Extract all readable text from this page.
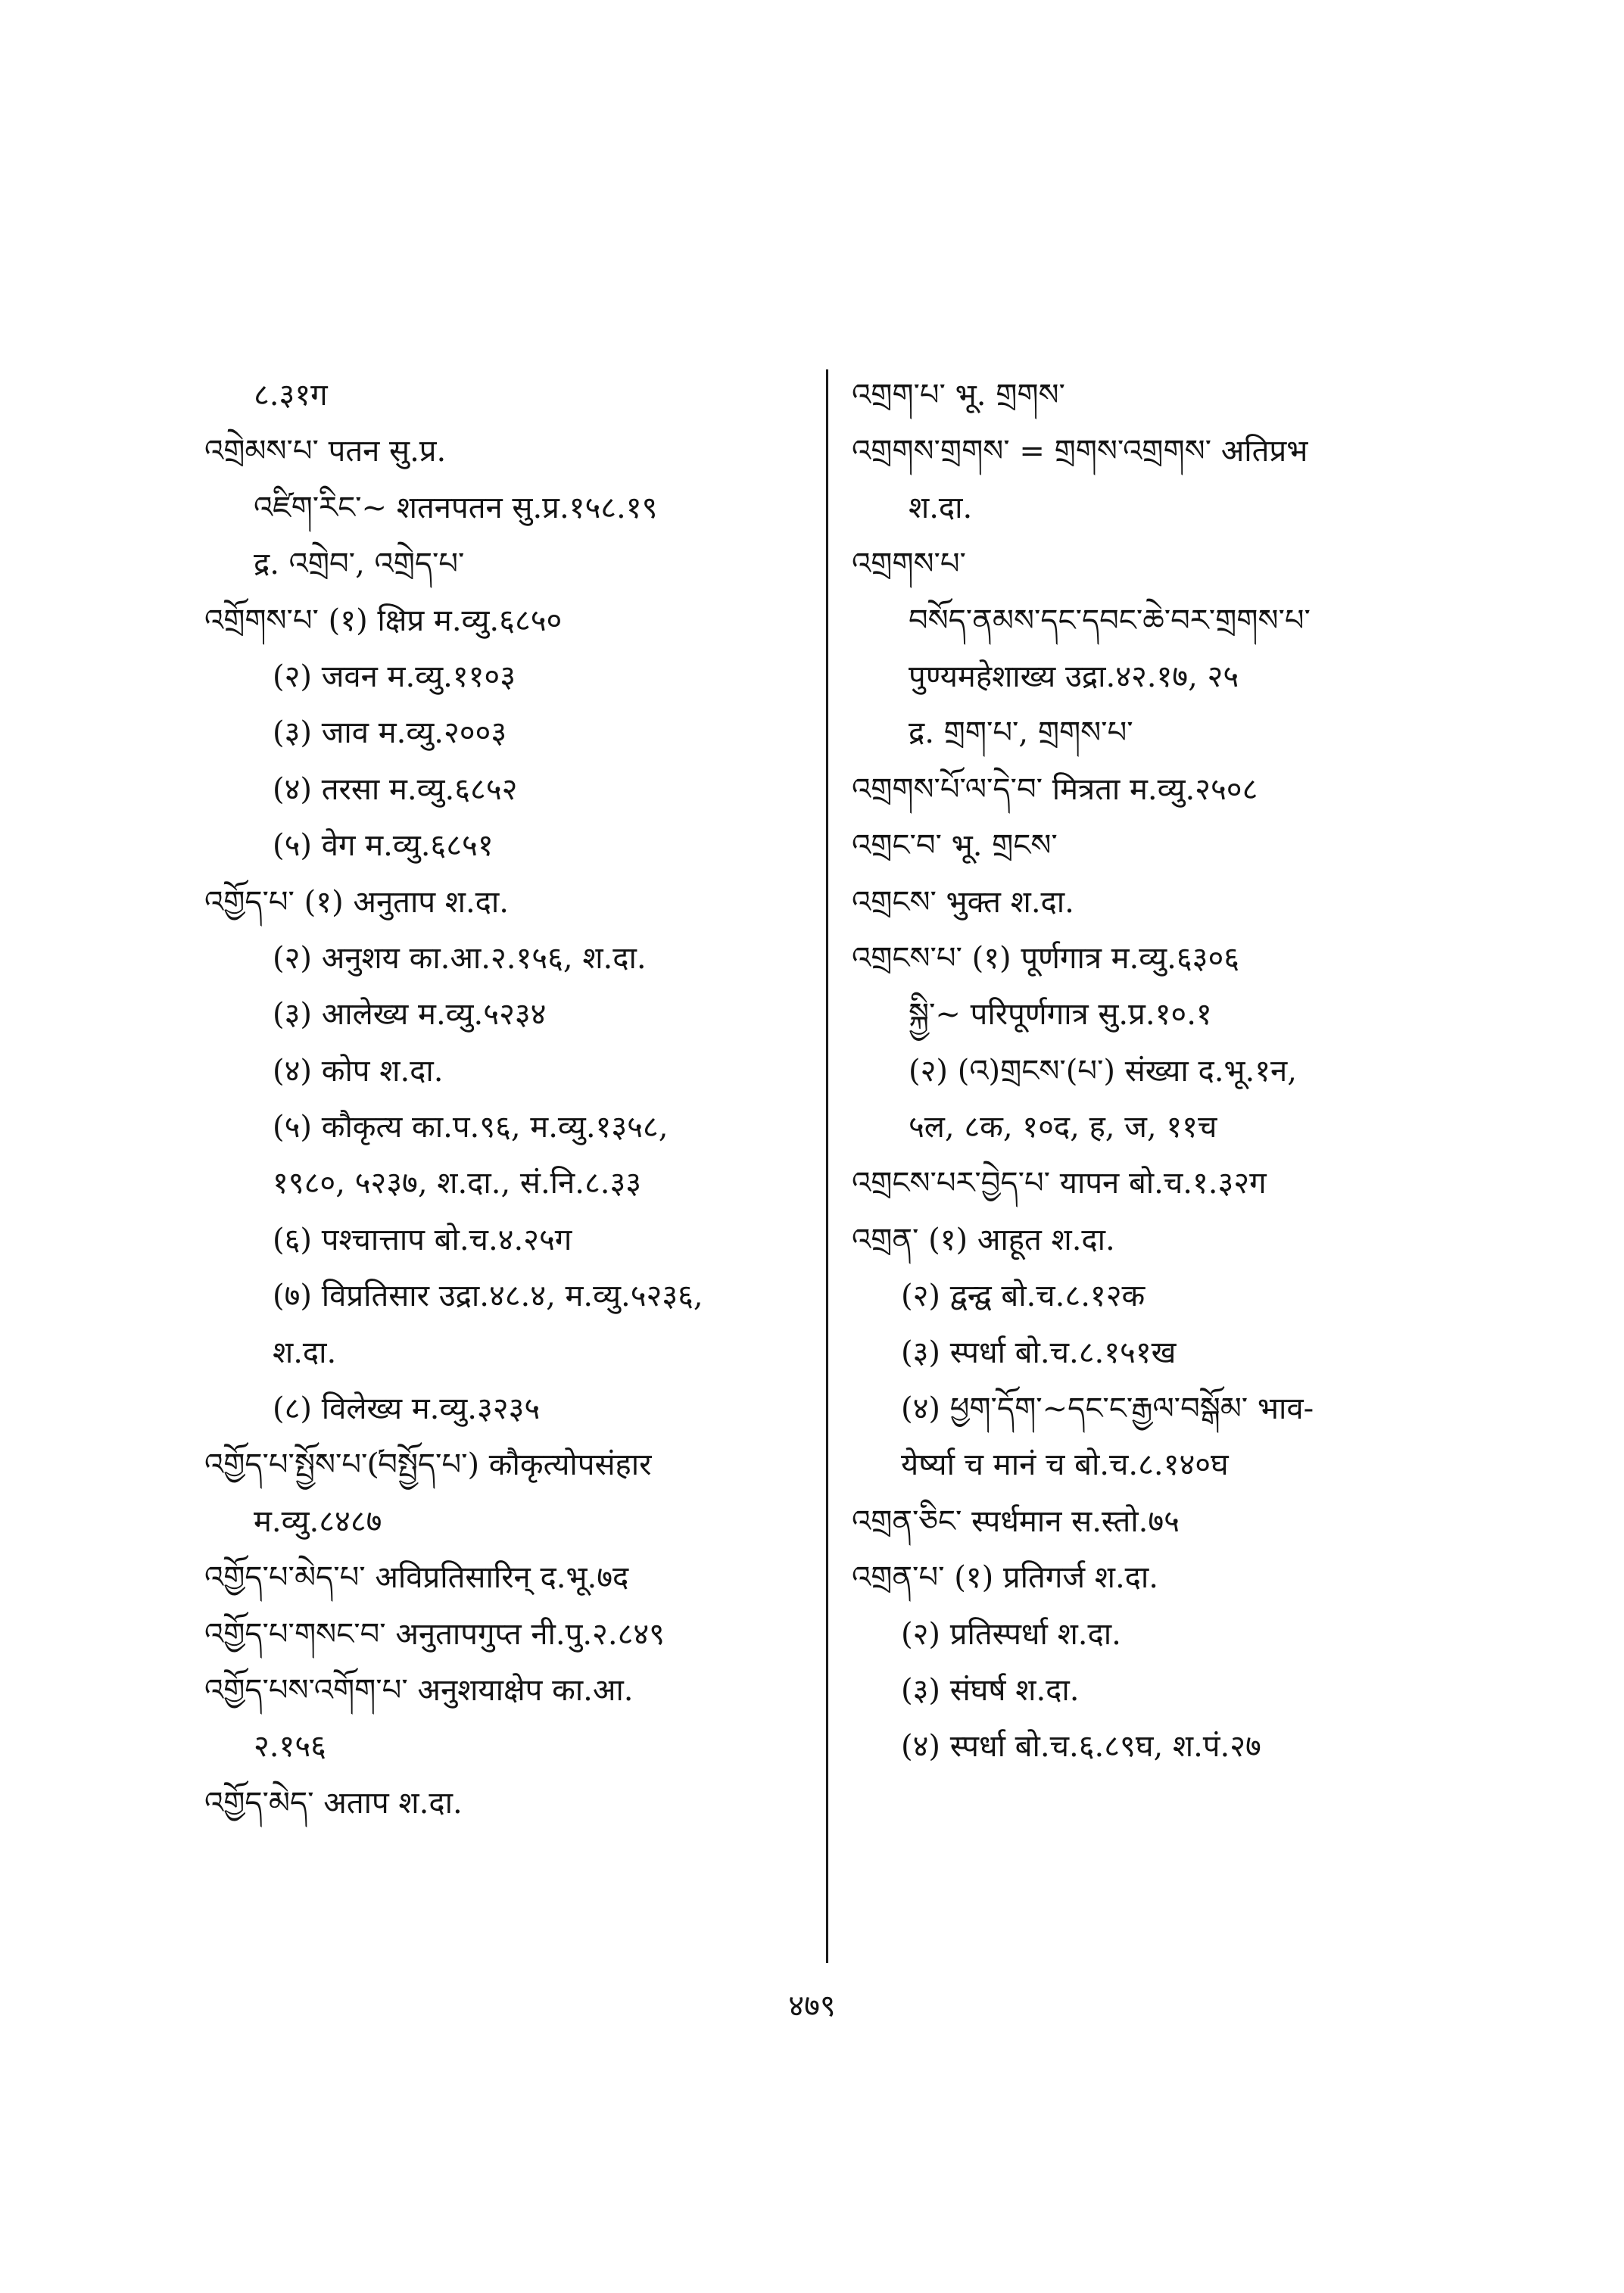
८.३१ग
འགྲེམས་པ་ पतन सु.प्र.
འཛིག་རིང་~ शतनपतन सु.प्र.१५८.१९
द्र. འགྲེབ་, འགྲེད་པ་
འགྲོགས་པ་ (१) क्षिप्र म.व्यु.६८५०
(२) जवन म.व्यु.११०३
(३) जाव म.व्यु.२००३
(४) तरसा म.व्यु.६८५२
(५) वेग म.व्यु.६८५१
འགྱོད་པ་ (१) अनुताप श.दा.
(२) अनुशय का.आ.२.१५६, श.दा.
(३) आलेख्य म.व्यु.५२३४
(४) कोप श.दा.
(५) कौकृत्य का.प.९६, म.व्यु.१३५८,
१९८०, ५२३७, श.दा., सं.नि.८.३३
(६) पश्चात्ताप बो.च.४.२५ग
(७) विप्रतिसार उद्रा.४८.४, म.व्यु.५२३६,
श.दा.
(८) विलेख्य म.व्यु.३२३५
འགྱོད་པ་སྤྱོས་པ་(༹བསྤྱོད་པ་) कौकृत्योपसंहार
म.व्यु.८४८७
འགྱོད་པ་མེད་པ་ अविप्रतिसारिन् द.भू.७द
འགྱོད་པ་གསང་བ་ अनुतापगुप्त नी.पु.२.८४९
འགྱོད་པས་འགོག་པ་ अनुशयाक्षेप का.आ.
२.१५६
འགྱོད་མེད་ अताप श.दा.
འགྲག་པ་ भू. གྲགས་
འགྲགས་གྲགས་ = གྲགས་འགྲགས་ अतिप्रभ
श.दा.
འགྲགས་པ་
བསོད་ནམས་དང་དབང་ཆེ་བར་གྲགས་པ་
पुण्यमहेशाख्य उद्रा.४२.१७, २५
द्र. གྲག་པ་, གྲགས་པ་
འགྲགས་པོ་ལ་དེ་བ་ मित्रता म.व्यु.२५०८
འགྲང་བ་ भू. གྲངས་
འགྲངས་ भुक्त श.दा.
འགྲངས་པ་ (१) पूर्णगात्र म.व्यु.६३०६
སྐྱི་~ परिपूर्णगात्र सु.प्र.१०.१
(२) (འ)གྲངས་(པ་) संख्या द.भू.१न,
५ल, ८क, १०द, ह, ज, ११च
འགྲངས་པར་བྱེད་པ་ यापन बो.च.१.३२ग
འགྲན་ (१) आहूत श.दा.
(२) द्वन्द्व बो.च.८.१२क
(३) स्पर्धा बो.च.८.१५१ख
(४) ཕྱག་དོག་~དང་ང་རྒྱལ་བསྒོམ་ भाव-
येर्ष्या च मानं च बो.च.८.१४०घ
འགྲན་ཅིང་ स्पर्धमान स.स्तो.७५
འགྲན་པ་ (१) प्रतिगर्ज श.दा.
(२) प्रतिस्पर्धा श.दा.
(३) संघर्ष श.दा.
(४) स्पर्धा बो.च.६.८९घ, श.पं.२७
४७९
